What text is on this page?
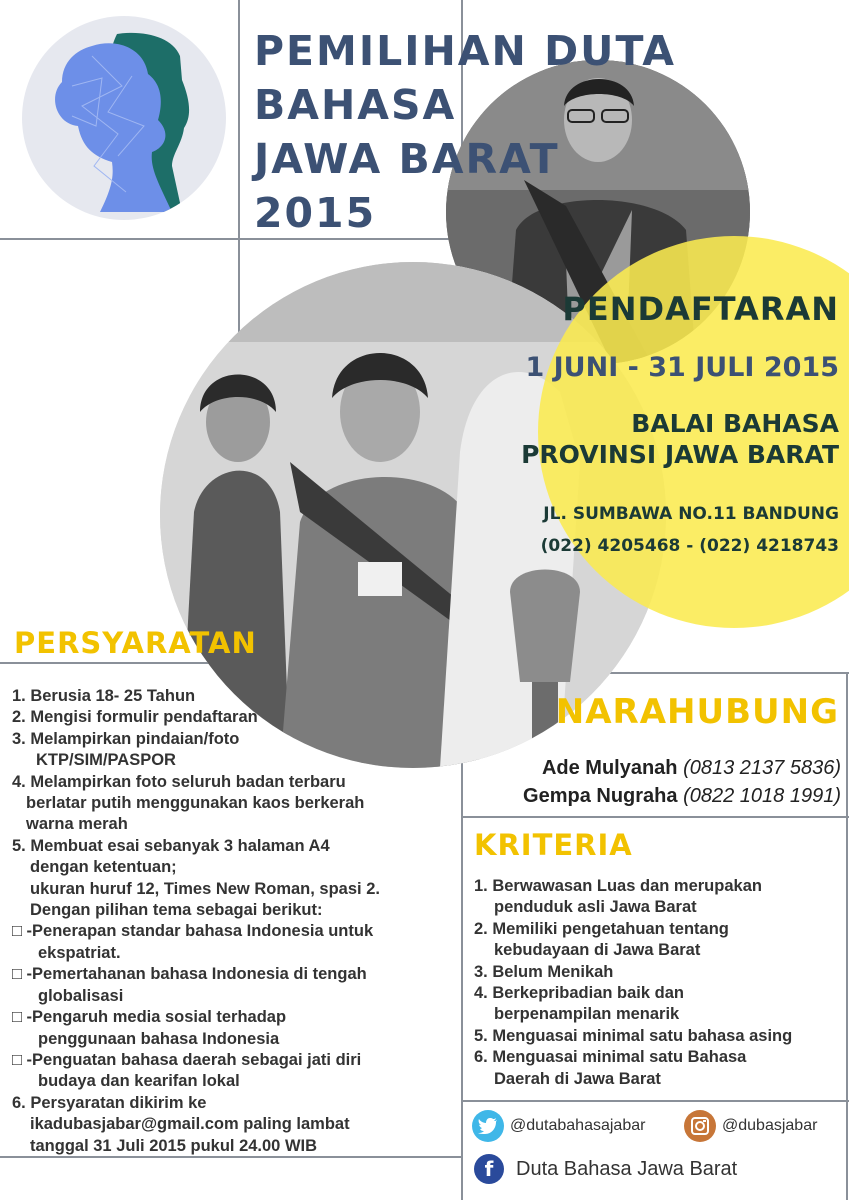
PEMILIHAN DUTA BAHASA
JAWA BARAT
2015
PENDAFTARAN
1 JUNI - 31 JULI 2015
BALAI BAHASA
PROVINSI JAWA BARAT
JL. SUMBAWA NO.11 BANDUNG
(022) 4205468 - (022) 4218743
PERSYARATAN
1. Berusia 18- 25 Tahun
2. Mengisi formulir pendaftaran
3. Melampirkan pindaian/foto
KTP/SIM/PASPOR
4. Melampirkan foto seluruh badan terbaru
berlatar putih menggunakan kaos berkerah
warna merah
5. Membuat esai sebanyak 3 halaman A4
dengan ketentuan;
ukuran huruf 12, Times New Roman, spasi 2.
Dengan pilihan tema sebagai berikut:
□ -Penerapan standar bahasa Indonesia untuk
ekspatriat.
□ -Pemertahanan bahasa Indonesia di tengah
globalisasi
□ -Pengaruh media sosial terhadap
penggunaan bahasa Indonesia
□ -Penguatan bahasa daerah sebagai jati diri
budaya dan kearifan lokal
6. Persyaratan dikirim ke
ikadubasjabar@gmail.com paling lambat
tanggal 31 Juli 2015 pukul 24.00 WIB
NARAHUBUNG
Ade Mulyanah (0813 2137 5836)
Gempa Nugraha (0822 1018 1991)
KRITERIA
1. Berwawasan Luas dan merupakan
penduduk asli Jawa Barat
2. Memiliki pengetahuan tentang
kebudayaan di Jawa Barat
3. Belum Menikah
4. Berkepribadian baik dan
berpenampilan menarik
5. Menguasai minimal satu bahasa asing
6. Menguasai minimal satu Bahasa
Daerah di Jawa Barat
@dutabahasajabar	@dubasjabar
f Duta Bahasa Jawa Barat
